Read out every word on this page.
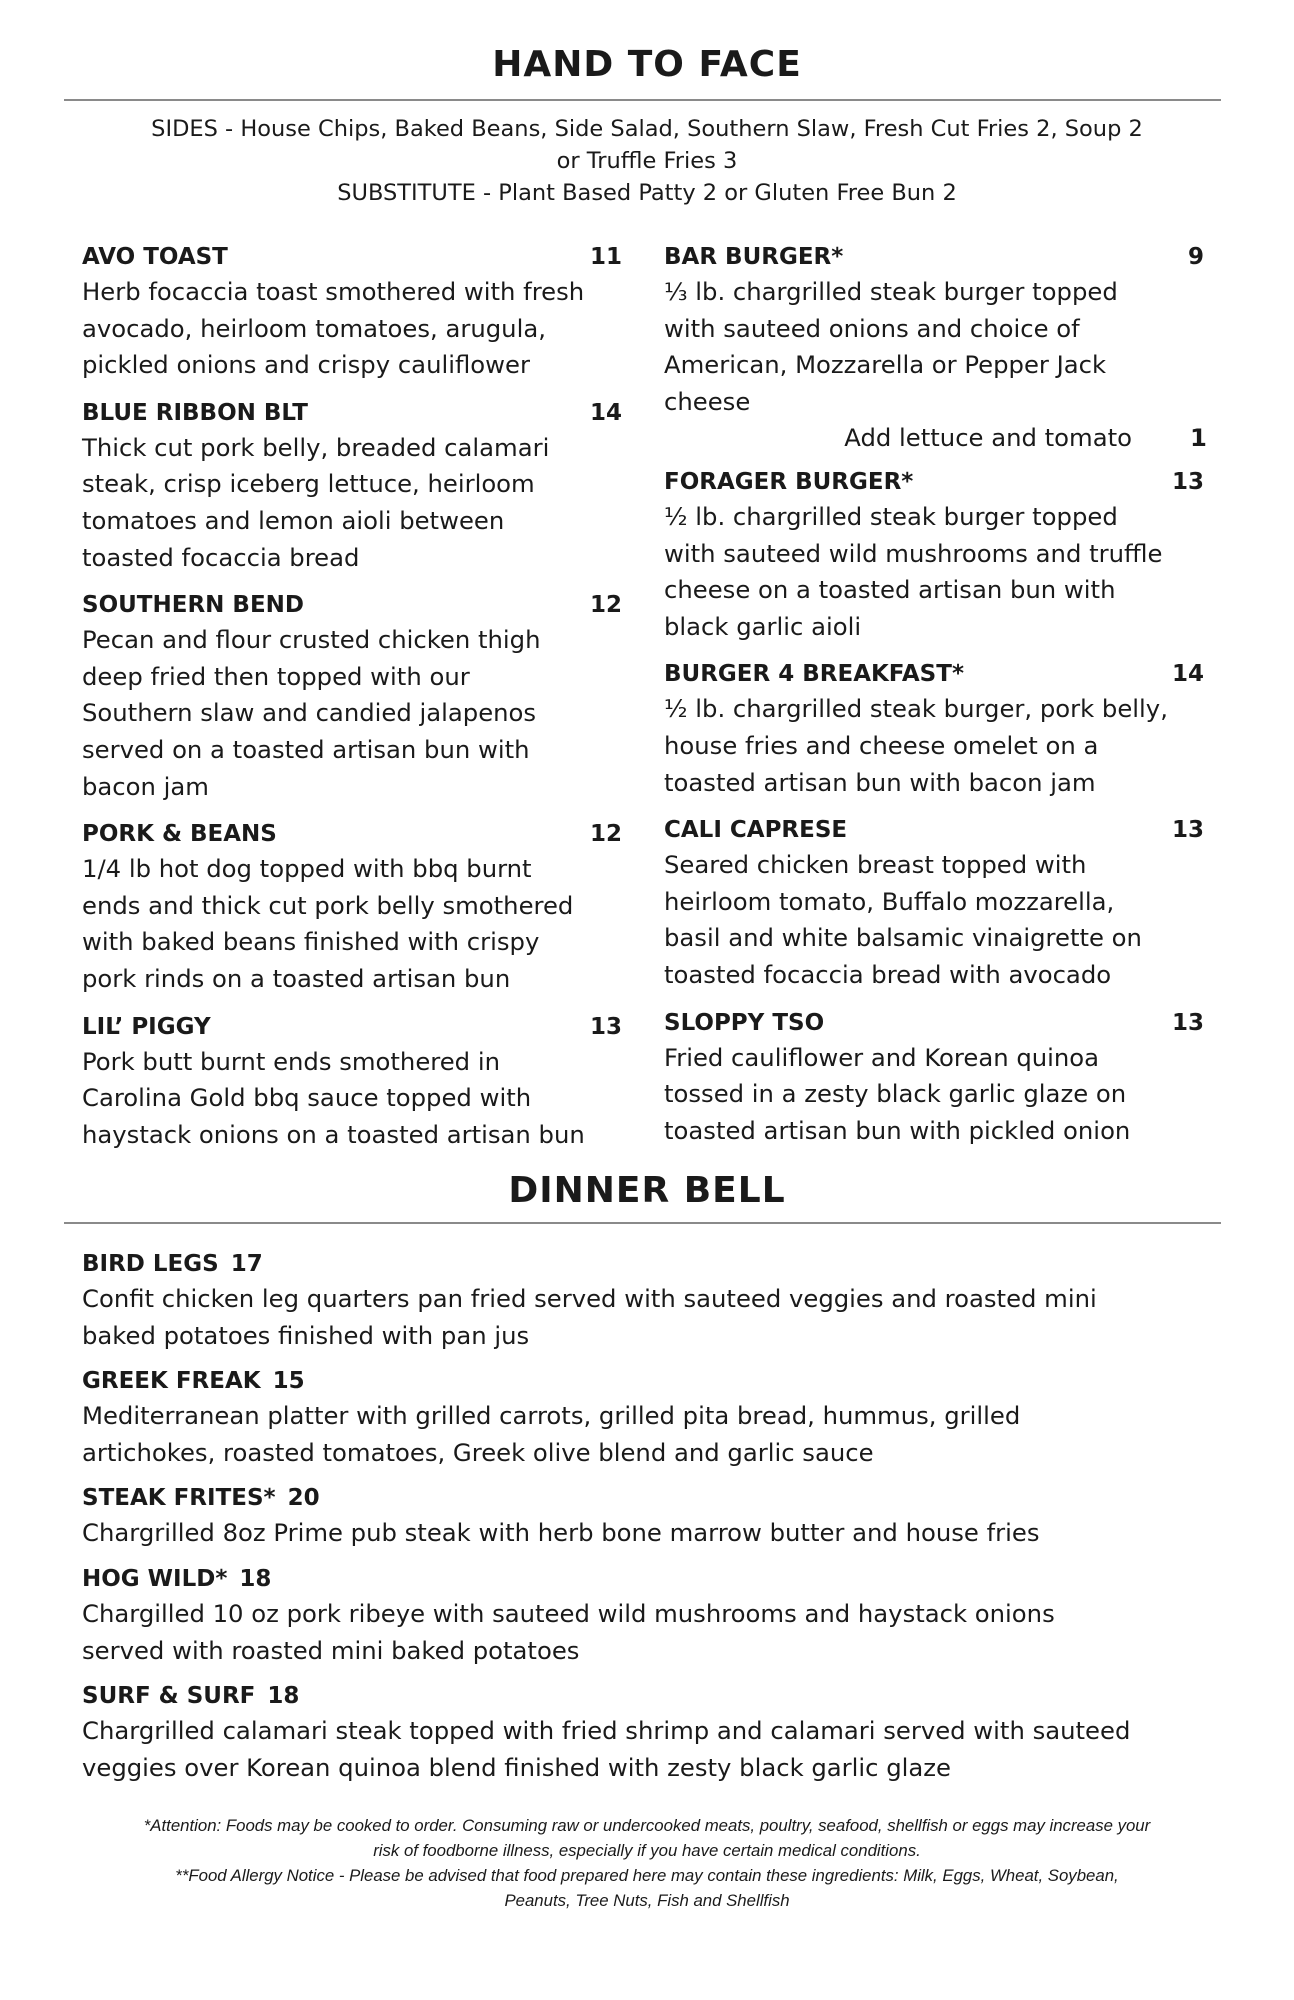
HAND TO FACE
SIDES - House Chips, Baked Beans, Side Salad, Southern Slaw, Fresh Cut Fries 2, Soup 2
or Truffle Fries 3
SUBSTITUTE - Plant Based Patty 2 or Gluten Free Bun 2
AVO TOAST	11
Herb focaccia toast smothered with fresh
avocado, heirloom tomatoes, arugula,
pickled onions and crispy cauliflower
BLUE RIBBON BLT	14
Thick cut pork belly, breaded calamari
steak, crisp iceberg lettuce, heirloom
tomatoes and lemon aioli between
toasted focaccia bread
SOUTHERN BEND	12
Pecan and flour crusted chicken thigh
deep fried then topped with our
Southern slaw and candied jalapenos
served on a toasted artisan bun with
bacon jam
PORK & BEANS	12
1/4 lb hot dog topped with bbq burnt
ends and thick cut pork belly smothered
with baked beans finished with crispy
pork rinds on a toasted artisan bun
LIL’ PIGGY	13
Pork butt burnt ends smothered in
Carolina Gold bbq sauce topped with
haystack onions on a toasted artisan bun
BAR BURGER*	9
⅓ lb. chargrilled steak burger topped
with sauteed onions and choice of
American, Mozzarella or Pepper Jack
cheese
Add lettuce and tomato 1
FORAGER BURGER*	13
½ lb. chargrilled steak burger topped
with sauteed wild mushrooms and truffle
cheese on a toasted artisan bun with
black garlic aioli
BURGER 4 BREAKFAST*	14
½ lb. chargrilled steak burger, pork belly,
house fries and cheese omelet on a
toasted artisan bun with bacon jam
CALI CAPRESE	13
Seared chicken breast topped with
heirloom tomato, Buffalo mozzarella,
basil and white balsamic vinaigrette on
toasted focaccia bread with avocado
SLOPPY TSO	13
Fried cauliflower and Korean quinoa
tossed in a zesty black garlic glaze on
toasted artisan bun with pickled onion
DINNER BELL
BIRD LEGS 17
Confit chicken leg quarters pan fried served with sauteed veggies and roasted mini
baked potatoes finished with pan jus
GREEK FREAK 15
Mediterranean platter with grilled carrots, grilled pita bread, hummus, grilled
artichokes, roasted tomatoes, Greek olive blend and garlic sauce
STEAK FRITES* 20
Chargrilled 8oz Prime pub steak with herb bone marrow butter and house fries
HOG WILD* 18
Chargilled 10 oz pork ribeye with sauteed wild mushrooms and haystack onions
served with roasted mini baked potatoes
SURF & SURF 18
Chargrilled calamari steak topped with fried shrimp and calamari served with sauteed
veggies over Korean quinoa blend finished with zesty black garlic glaze
*Attention: Foods may be cooked to order. Consuming raw or undercooked meats, poultry, seafood, shellfish or eggs may increase your
risk of foodborne illness, especially if you have certain medical conditions.
**Food Allergy Notice - Please be advised that food prepared here may contain these ingredients: Milk, Eggs, Wheat, Soybean,
Peanuts, Tree Nuts, Fish and Shellfish
